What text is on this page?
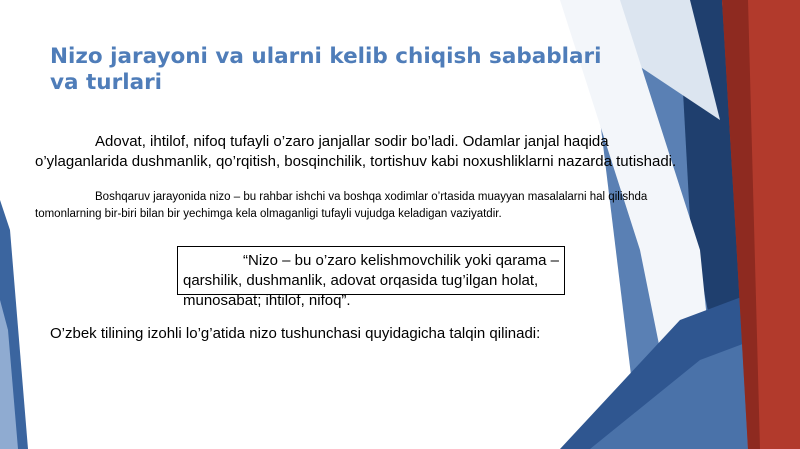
Nizo jarayoni va ularni kelib chiqish sabablari va turlari

Adovat, ihtilof, nifoq tufayli o’zaro janjallar sodir bo’ladi. Odamlar janjal haqida o’ylaganlarida dushmanlik, qo’rqitish, bosqinchilik, tortishuv kabi noxushliklarni nazarda tutishadi.

Boshqaruv jarayonida nizo – bu rahbar ishchi va boshqa xodimlar o’rtasida muayyan masalalarni hal qilishda tomonlarning bir-biri bilan bir yechimga kela olmaganligi tufayli vujudga keladigan vaziyatdir.

“Nizo – bu o’zaro kelishmovchilik yoki qarama – qarshilik, dushmanlik, adovat orqasida tug’ilgan holat, munosabat; ihtilof, nifoq”.

O’zbek tilining izohli lo’g’atida nizo tushunchasi quyidagicha talqin qilinadi:
